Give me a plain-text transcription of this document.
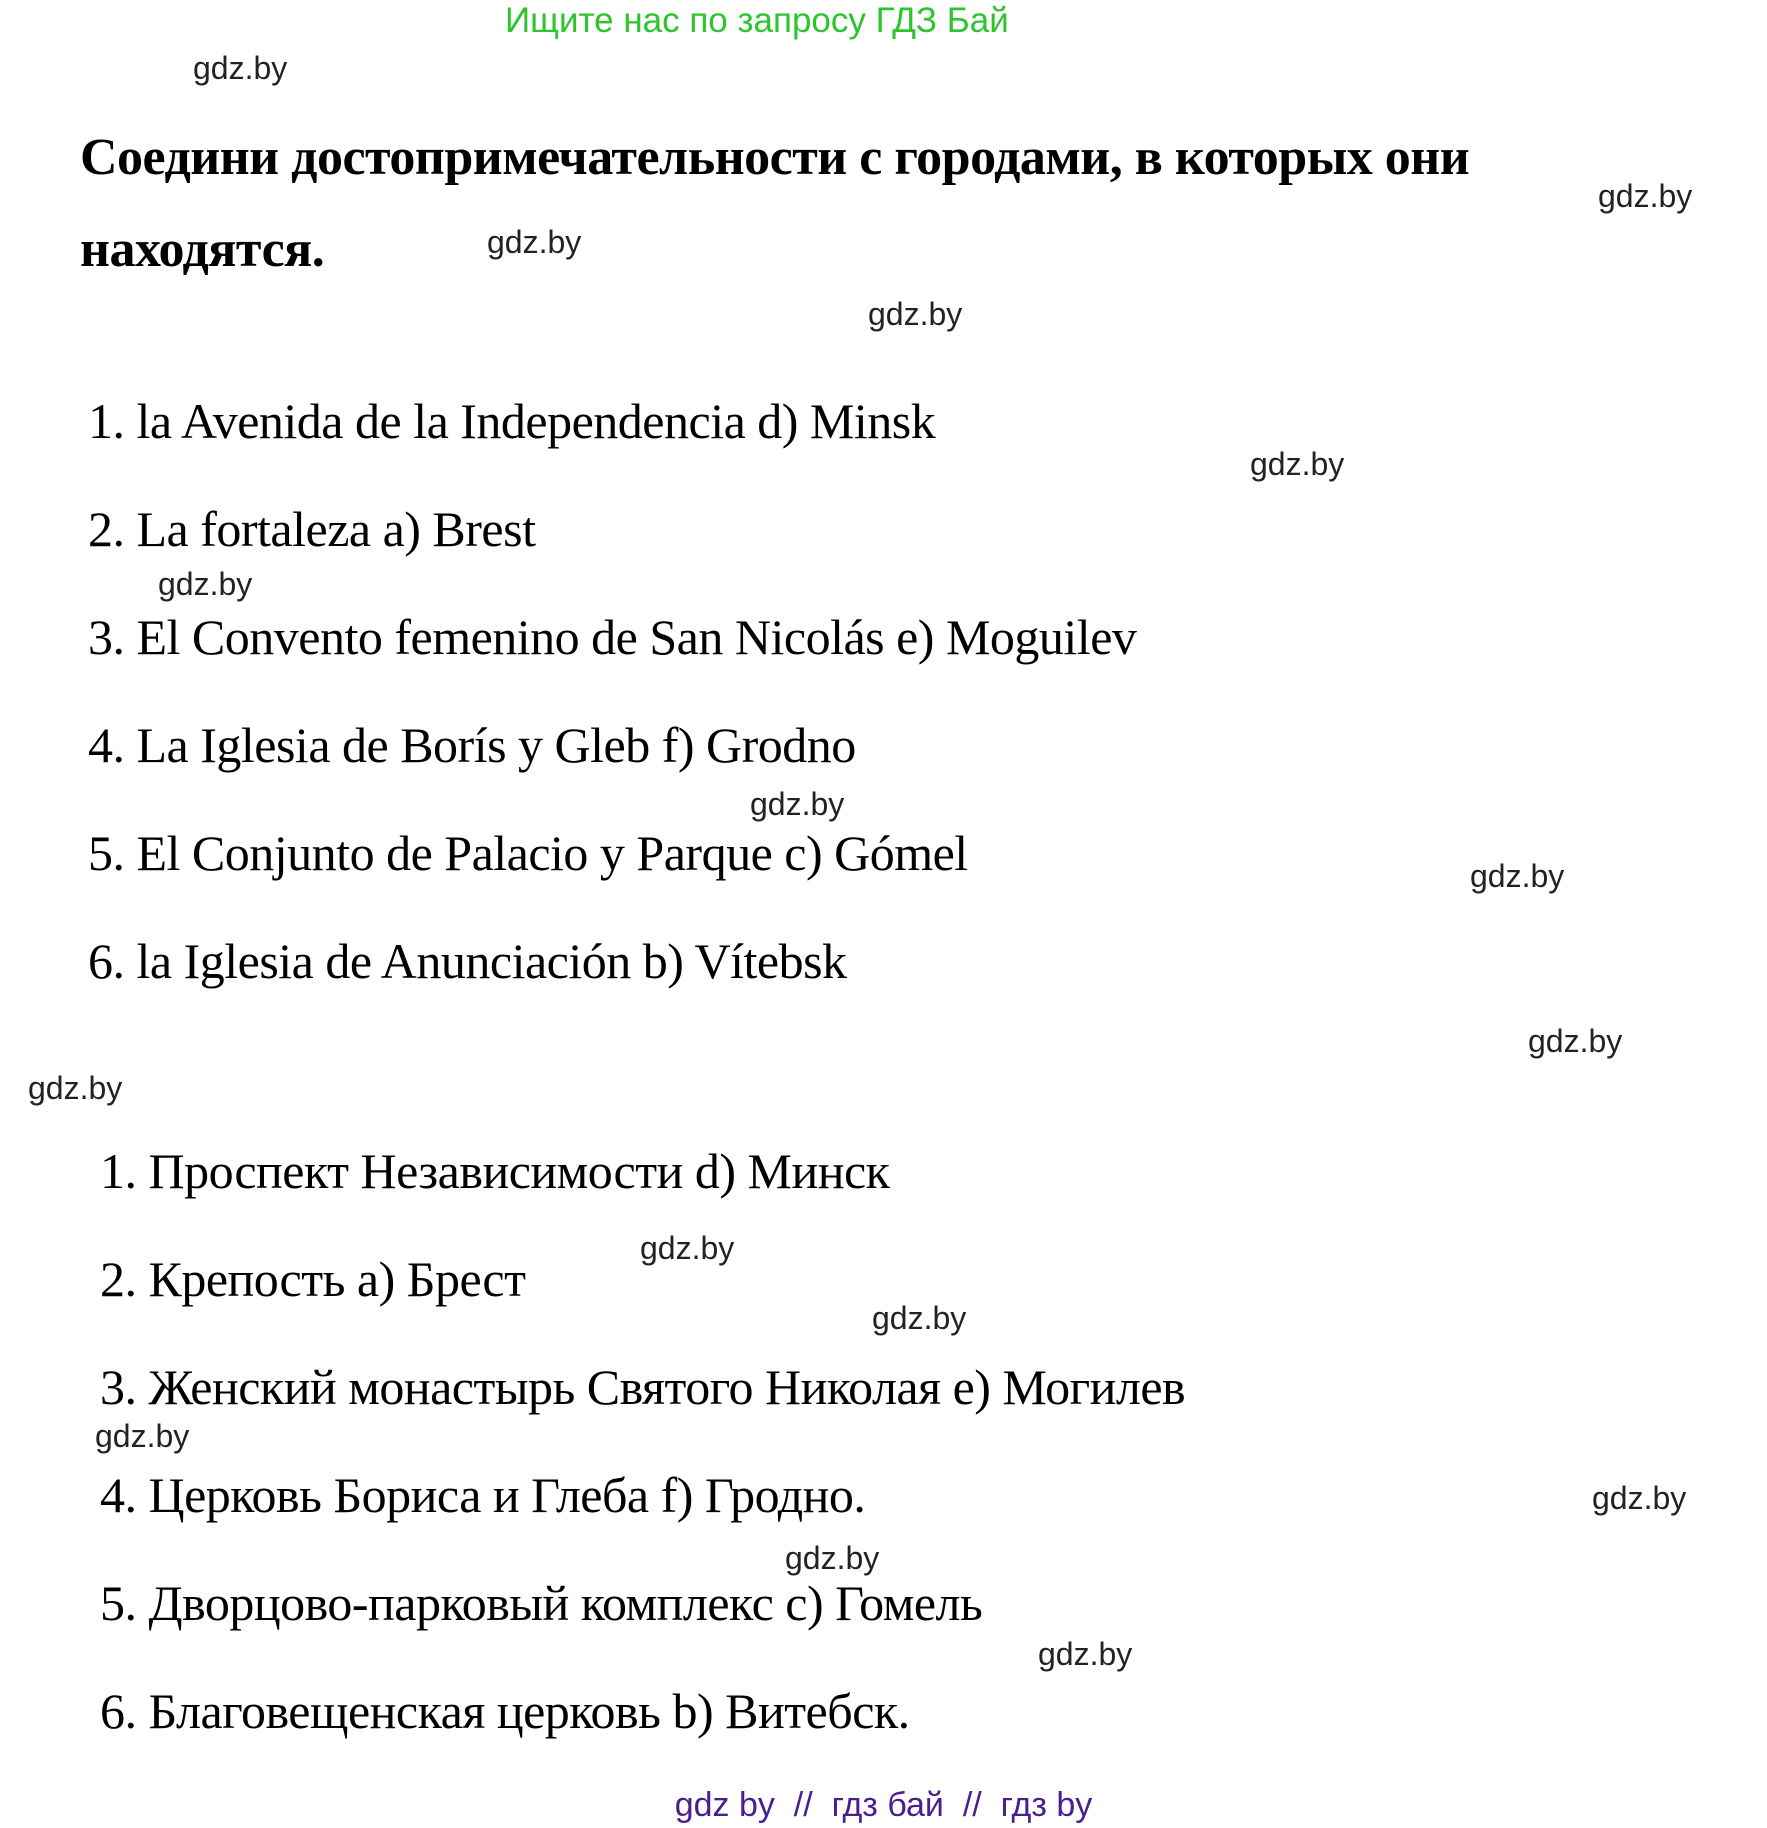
Ищите нас по запросу ГДЗ Бай
gdz.by
gdz.by
gdz.by
gdz.by
gdz.by
gdz.by
gdz.by
gdz.by
gdz.by
gdz.by
gdz.by
gdz.by
gdz.by
gdz.by
gdz.by
gdz.by
Соедини достопримечательности с городами, в которых они находятся.
1. la Avenida de la Independencia d) Minsk
2. La fortaleza a) Brest
3. El Convento femenino de San Nicolás e) Moguilev
4. La Iglesia de Borís y Gleb f) Grodno
5. El Conjunto de Palacio y Parque c) Gómel
6. la Iglesia de Anunciación b) Vítebsk
1. Проспект Независимости d) Минск
2. Крепость а) Брест
3. Женский монастырь Святого Николая е) Могилев
4. Церковь Бориса и Глеба f) Гродно.
5. Дворцово-парковый комплекс c) Гомель
6. Благовещенская церковь b) Витебск.
gdz by  //  гдз бай  //  гдз by
